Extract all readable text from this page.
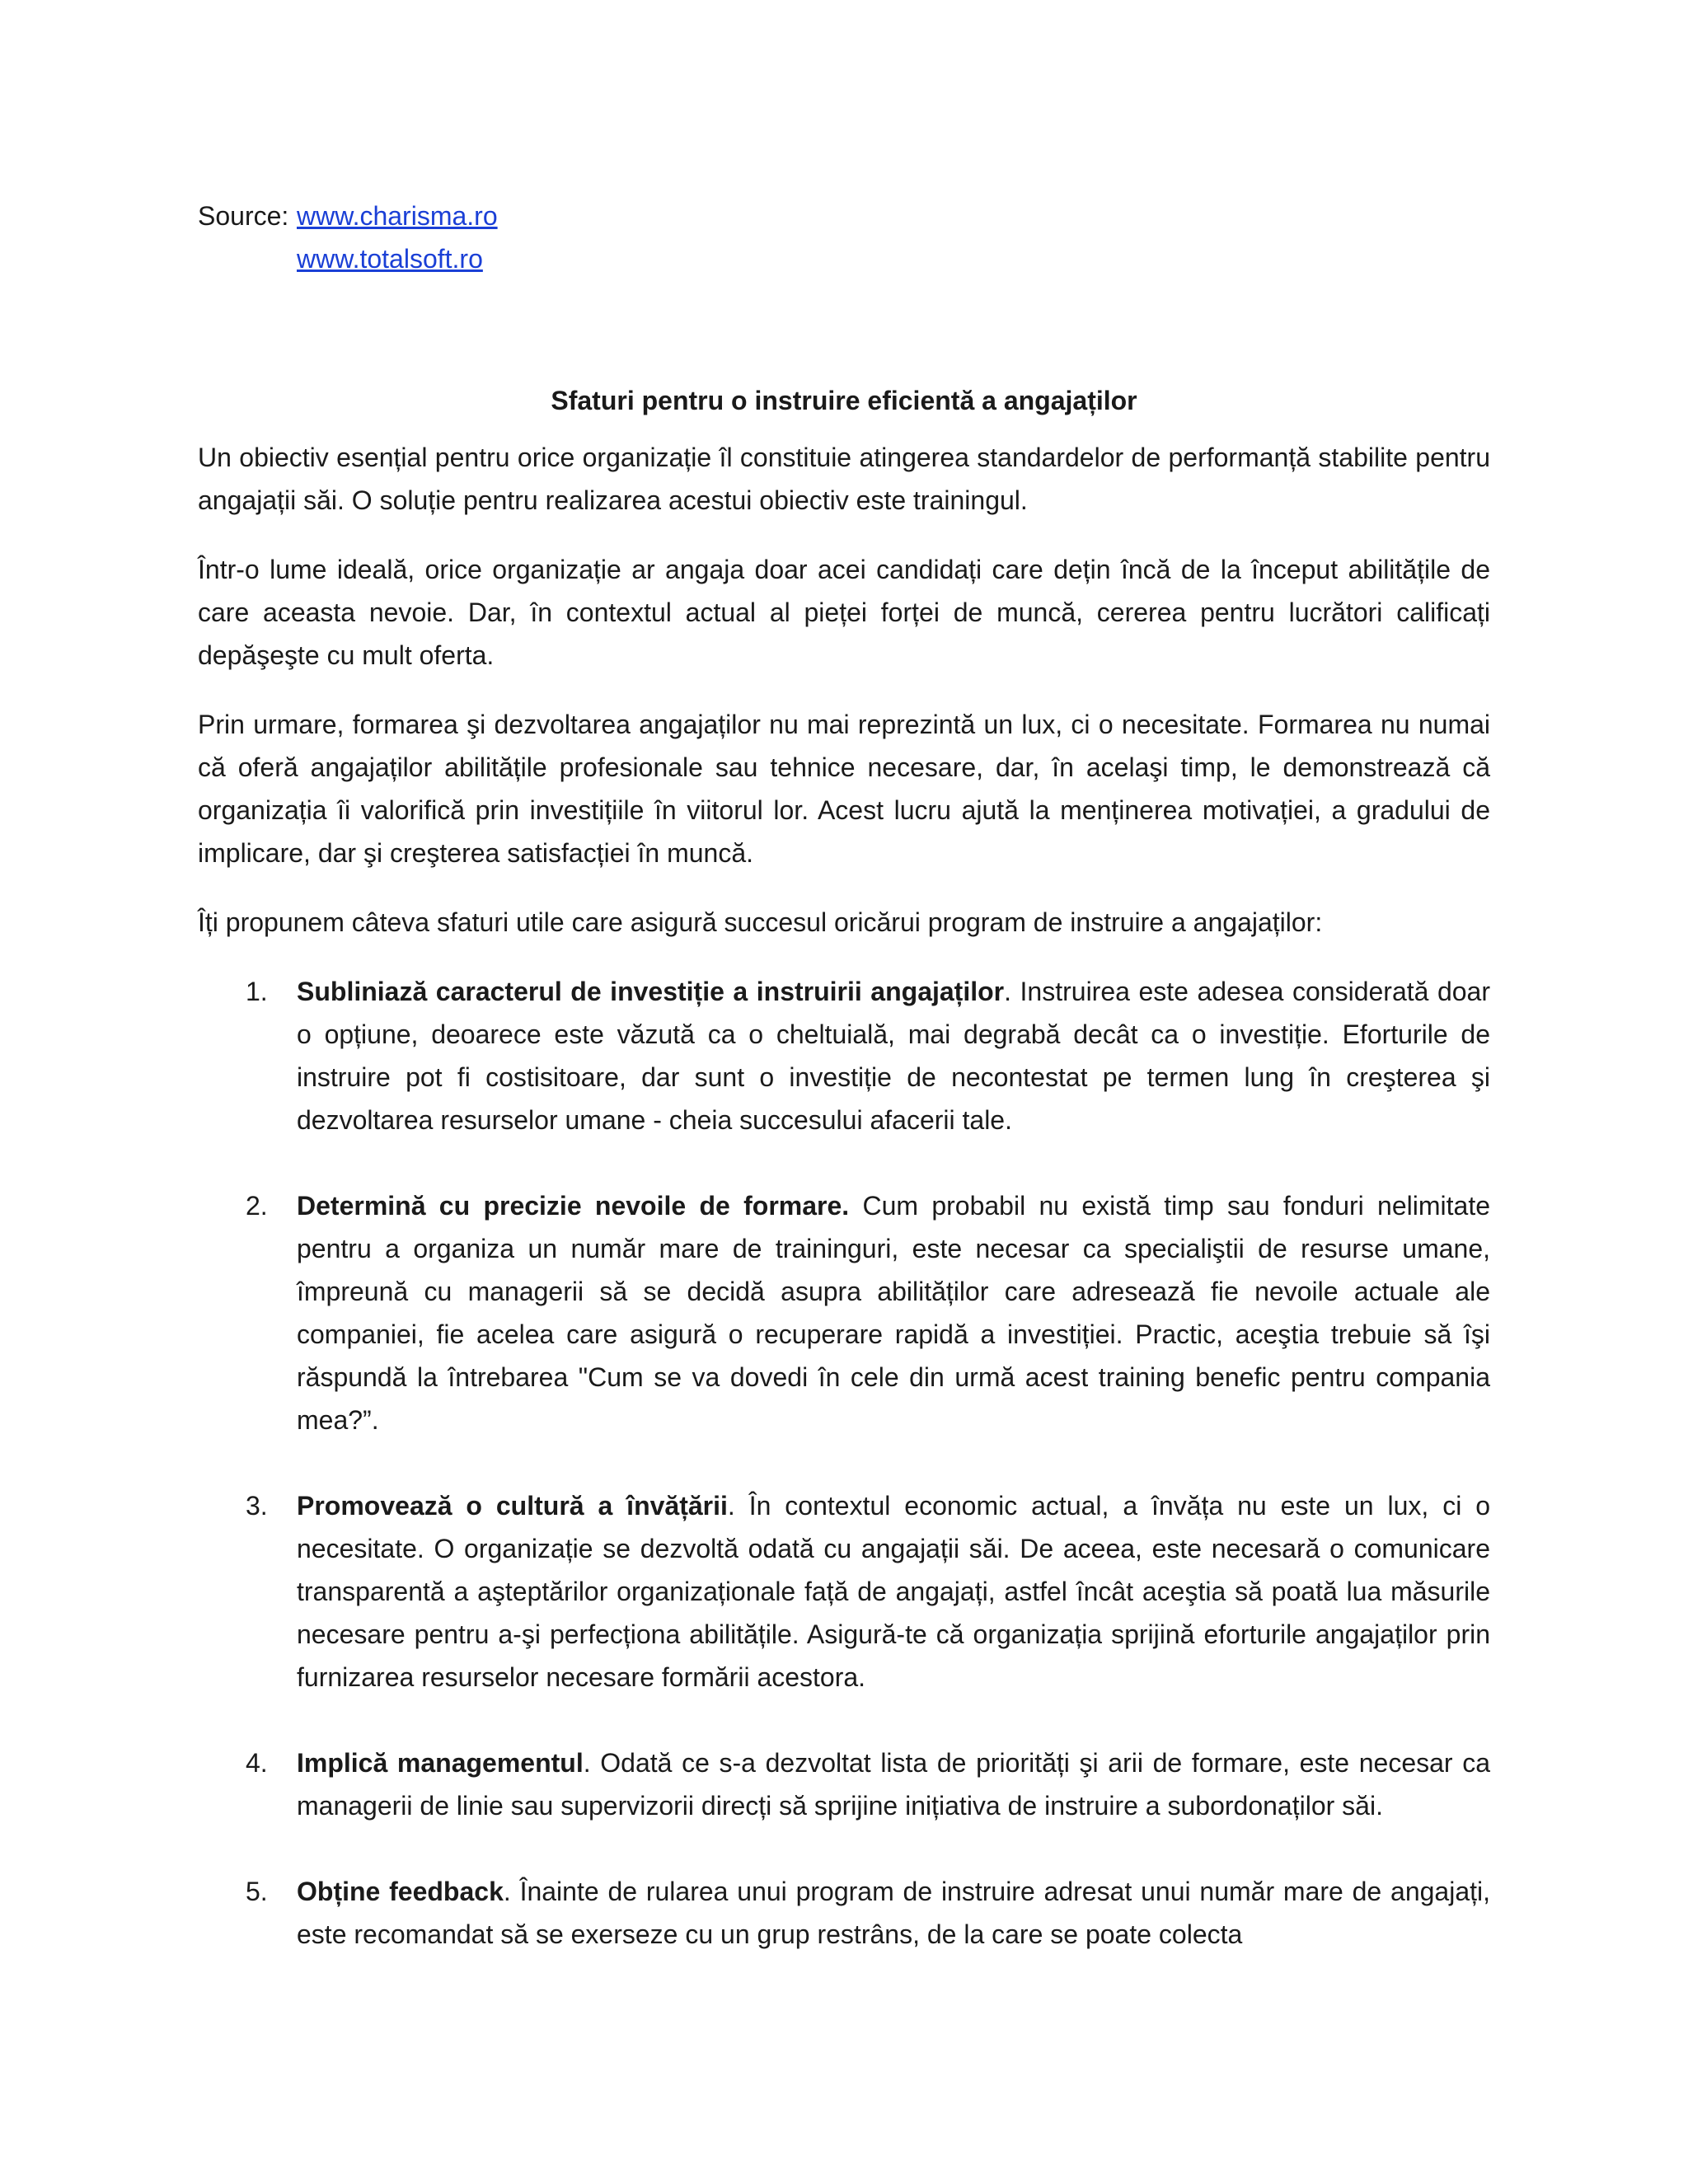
Source: www.charisma.ro
www.totalsoft.ro
Sfaturi pentru o instruire eficientă a angajaților

Un obiectiv esențial pentru orice organizație îl constituie atingerea standardelor de performanță stabilite pentru angajații săi. O soluție pentru realizarea acestui obiectiv este trainingul.

Într-o lume ideală, orice organizație ar angaja doar acei candidați care dețin încă de la început abilitățile de care aceasta nevoie. Dar, în contextul actual al pieței forței de muncă, cererea pentru lucrători calificați depăşeşte cu mult oferta.

Prin urmare, formarea şi dezvoltarea angajaților nu mai reprezintă un lux, ci o necesitate. Formarea nu numai că oferă angajaților abilitățile profesionale sau tehnice necesare, dar, în acelaşi timp, le demonstrează că organizația îi valorifică prin investițiile în viitorul lor. Acest lucru ajută la menținerea motivației, a gradului de implicare, dar şi creşterea satisfacției în muncă.

Îți propunem câteva sfaturi utile care asigură succesul oricărui program de instruire a angajaților:

1.	Subliniază caracterul de investiție a instruirii angajaților. Instruirea este adesea considerată doar o opțiune, deoarece este văzută ca o cheltuială, mai degrabă decât ca o investiție. Eforturile de instruire pot fi costisitoare, dar sunt o investiție de necontestat pe termen lung în creşterea şi dezvoltarea resurselor umane - cheia succesului afacerii tale.
2.	Determină cu precizie nevoile de formare. Cum probabil nu există timp sau fonduri nelimitate pentru a organiza un număr mare de traininguri, este necesar ca specialiştii de resurse umane, împreună cu managerii să se decidă asupra abilităților care adresează fie nevoile actuale ale companiei, fie acelea care asigură o recuperare rapidă a investiției. Practic, aceştia trebuie să îşi răspundă la întrebarea "Cum se va dovedi în cele din urmă acest training benefic pentru compania mea?”.
3.	Promovează o cultură a învățării. În contextul economic actual, a învăța nu este un lux, ci o necesitate. O organizație se dezvoltă odată cu angajații săi. De aceea, este necesară o comunicare transparentă a aşteptărilor organizaționale față de angajați, astfel încât aceştia să poată lua măsurile necesare pentru a-şi perfecționa abilitățile. Asigură-te că organizația sprijină eforturile angajaților prin furnizarea resurselor necesare formării acestora.
4.	Implică managementul. Odată ce s-a dezvoltat lista de priorități şi arii de formare, este necesar ca managerii de linie sau supervizorii direcți să sprijine inițiativa de instruire a subordonaților săi.
5.	Obține feedback. Înainte de rularea unui program de instruire adresat unui număr mare de angajați, este recomandat să se exerseze cu un grup restrâns, de la care se poate colecta
